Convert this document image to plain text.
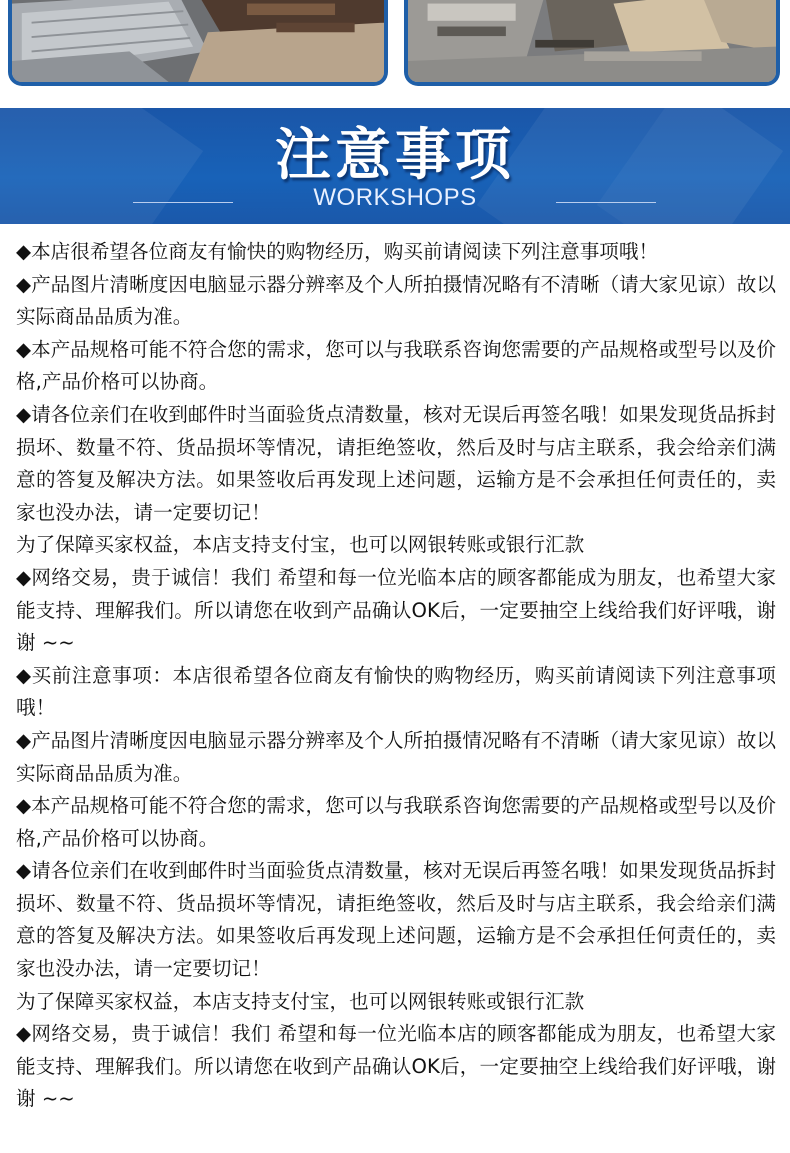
注意事项
WORKSHOPS

◆本店很希望各位商友有愉快的购物经历，购买前请阅读下列注意事项哦！

◆产品图片清晰度因电脑显示器分辨率及个人所拍摄情况略有不清晰（请大家见谅）故以实际商品品质为准。

◆本产品规格可能不符合您的需求，您可以与我联系咨询您需要的产品规格或型号以及价格,产品价格可以协商。

◆请各位亲们在收到邮件时当面验货点清数量，核对无误后再签名哦！如果发现货品拆封损坏、数量不符、货品损坏等情况，请拒绝签收，然后及时与店主联系，我会给亲们满意的答复及解决方法。如果签收后再发现上述问题，运输方是不会承担任何责任的，卖家也没办法，请一定要切记！

为了保障买家权益，本店支持支付宝，也可以网银转账或银行汇款

◆网络交易，贵于诚信！我们 希望和每一位光临本店的顾客都能成为朋友，也希望大家能支持、理解我们。所以请您在收到产品确认OK后，一定要抽空上线给我们好评哦，谢谢 ~~

◆买前注意事项：本店很希望各位商友有愉快的购物经历，购买前请阅读下列注意事项哦！

◆产品图片清晰度因电脑显示器分辨率及个人所拍摄情况略有不清晰（请大家见谅）故以实际商品品质为准。

◆本产品规格可能不符合您的需求，您可以与我联系咨询您需要的产品规格或型号以及价格,产品价格可以协商。

◆请各位亲们在收到邮件时当面验货点清数量，核对无误后再签名哦！如果发现货品拆封损坏、数量不符、货品损坏等情况，请拒绝签收，然后及时与店主联系，我会给亲们满意的答复及解决方法。如果签收后再发现上述问题，运输方是不会承担任何责任的，卖家也没办法，请一定要切记！

为了保障买家权益，本店支持支付宝，也可以网银转账或银行汇款

◆网络交易，贵于诚信！我们 希望和每一位光临本店的顾客都能成为朋友，也希望大家能支持、理解我们。所以请您在收到产品确认OK后，一定要抽空上线给我们好评哦，谢谢 ~~
